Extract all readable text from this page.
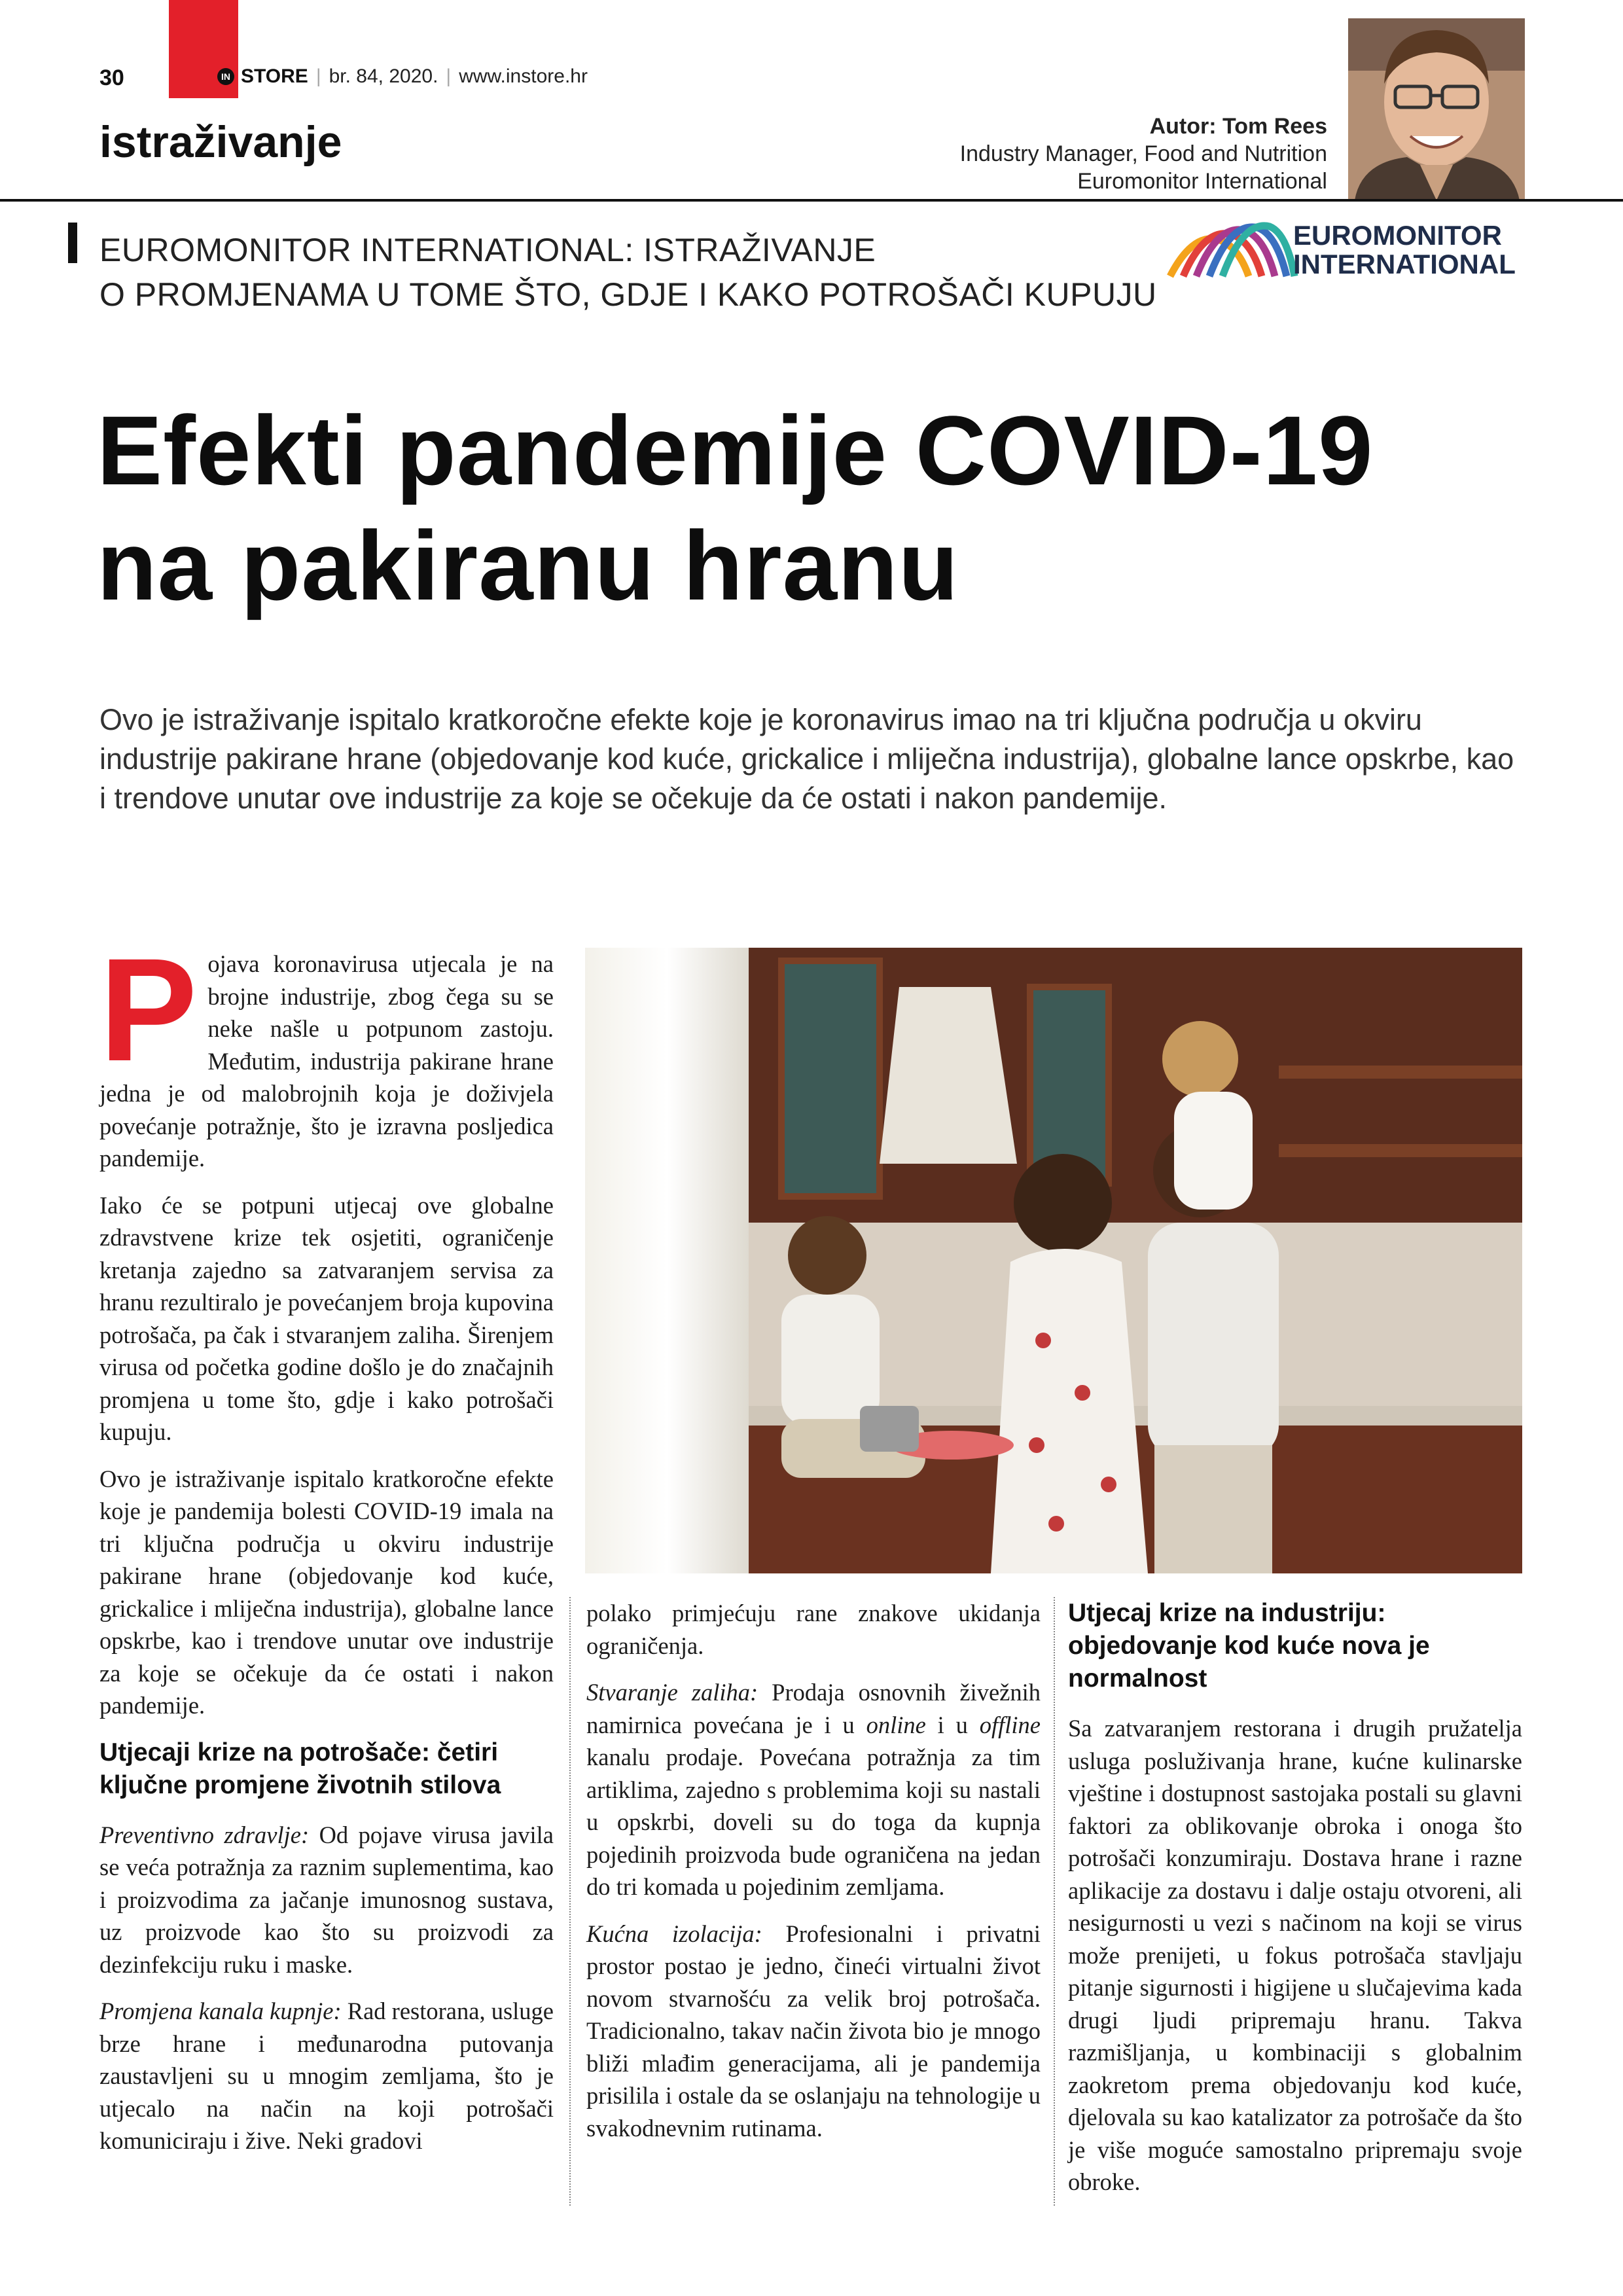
30	IN STORE | br. 84, 2020. | www.instore.hr
istraživanje	Autor: Tom Rees
Industry Manager, Food and Nutrition
Euromonitor International
EUROMONITOR INTERNATIONAL: ISTRAŽIVANJE
O PROMJENAMA U TOME ŠTO, GDJE I KAKO POTROŠAČI KUPUJU
EUROMONITOR
INTERNATIONAL
Efekti pandemije COVID-19
na pakiranu hranu
Ovo je istraživanje ispitalo kratkoročne efekte koje je koronavirus imao na tri ključna područja u okviru industrije pakirane hrane (objedovanje kod kuće, grickalice i mliječna industrija), globalne lance opskrbe, kao i trendove unutar ove industrije za koje se očekuje da će ostati i nakon pandemije.

Pojava koronavirusa utjecala je na brojne industrije, zbog čega su se neke našle u potpunom zastoju. Međutim, industrija pakirane hrane jedna je od malobrojnih koja je doživjela povećanje potražnje, što je izravna posljedica pandemije.

Iako će se potpuni utjecaj ove globalne zdravstvene krize tek osjetiti, ograničenje kretanja zajedno sa zatvaranjem servisa za hranu rezultiralo je povećanjem broja kupovina potrošača, pa čak i stvaranjem zaliha. Širenjem virusa od početka godine došlo je do značajnih promjena u tome što, gdje i kako potrošači kupuju.

Ovo je istraživanje ispitalo kratkoročne efekte koje je pandemija bolesti COVID-19 imala na tri ključna područja u okviru industrije pakirane hrane (objedovanje kod kuće, grickalice i mliječna industrija), globalne lance opskrbe, kao i trendove unutar ove industrije za koje se očekuje da će ostati i nakon pandemije.

Utjecaji krize na potrošače: četiri ključne promjene životnih stilova

Preventivno zdravlje: Od pojave virusa javila se veća potražnja za raznim suplementima, kao i proizvodima za jačanje imunosnog sustava, uz proizvode kao što su proizvodi za dezinfekciju ruku i maske.

Promjena kanala kupnje: Rad restorana, usluge brze hrane i međunarodna putovanja zaustavljeni su u mnogim zemljama, što je utjecalo na način na koji potrošači komuniciraju i žive. Neki gradovi

polako primjećuju rane znakove ukidanja ograničenja.

Stvaranje zaliha: Prodaja osnovnih živežnih namirnica povećana je i u online i u offline kanalu prodaje. Povećana potražnja za tim artiklima, zajedno s problemima koji su nastali u opskrbi, doveli su do toga da kupnja pojedinih proizvoda bude ograničena na jedan do tri komada u pojedinim zemljama.

Kućna izolacija: Profesionalni i privatni prostor postao je jedno, čineći virtualni život novom stvarnošću za velik broj potrošača. Tradicionalno, takav način života bio je mnogo bliži mlađim generacijama, ali je pandemija prisilila i ostale da se oslanjaju na tehnologije u svakodnevnim rutinama.

Utjecaj krize na industriju: objedovanje kod kuće nova je normalnost

Sa zatvaranjem restorana i drugih pružatelja usluga posluživanja hrane, kućne kulinarske vještine i dostupnost sastojaka postali su glavni faktori za oblikovanje obroka i onoga što potrošači konzumiraju. Dostava hrane i razne aplikacije za dostavu i dalje ostaju otvoreni, ali nesigurnosti u vezi s načinom na koji se virus može prenijeti, u fokus potrošača stavljaju pitanje sigurnosti i higijene u slučajevima kada drugi ljudi pripremaju hranu. Takva razmišljanja, u kombinaciji s globalnim zaokretom prema objedovanju kod kuće, djelovala su kao katalizator za potrošače da što je više moguće samostalno pripremaju svoje obroke.
